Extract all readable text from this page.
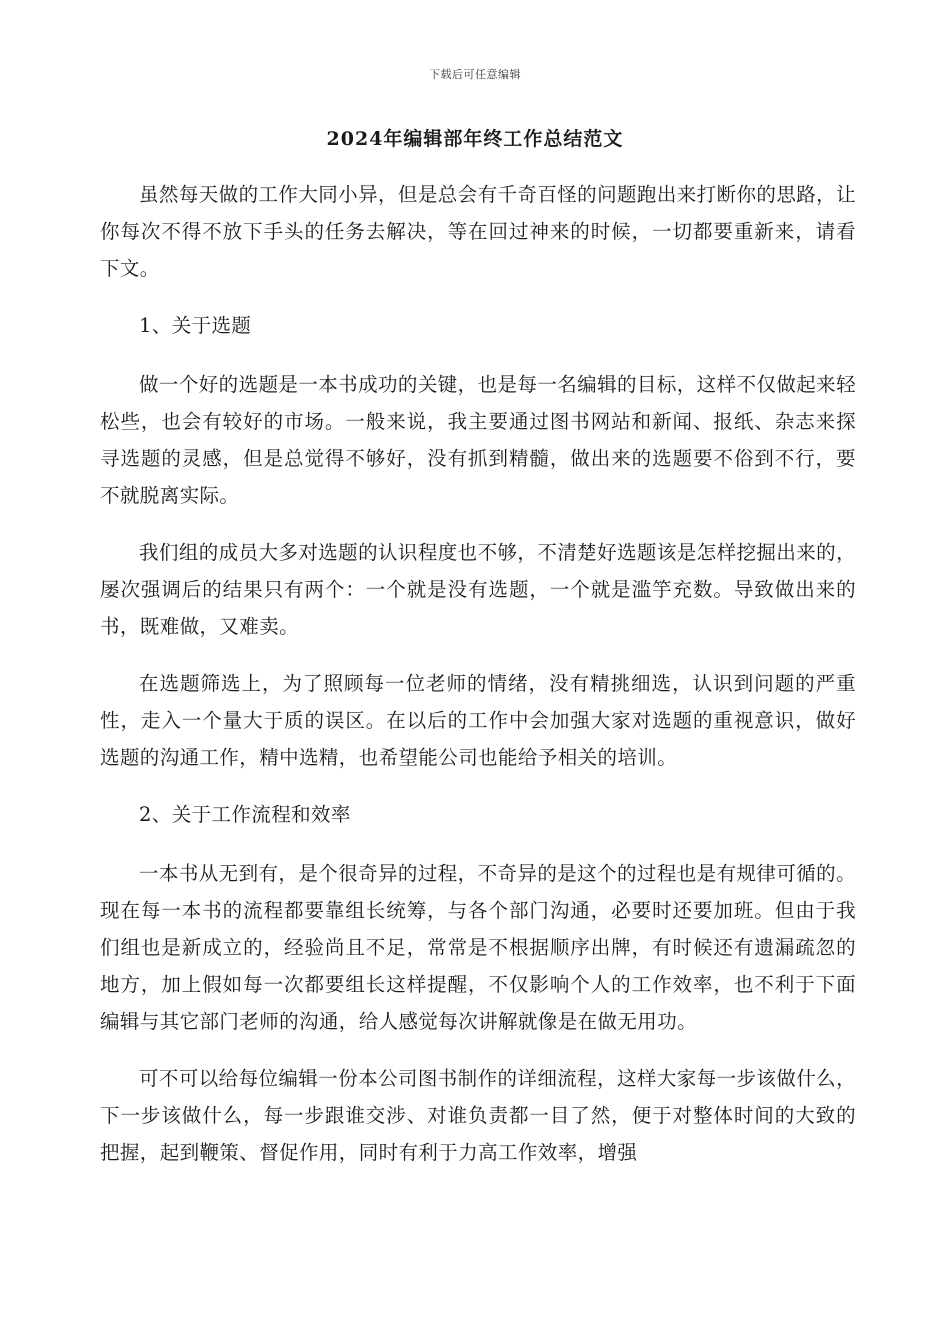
下载后可任意编辑
2024年编辑部年终工作总结范文

虽然每天做的工作大同小异，但是总会有千奇百怪的问题跑出来打断你的思路，让你每次不得不放下手头的任务去解决，等在回过神来的时候，一切都要重新来，请看下文。

1、关于选题

做一个好的选题是一本书成功的关键，也是每一名编辑的目标，这样不仅做起来轻松些，也会有较好的市场。一般来说，我主要通过图书网站和新闻、报纸、杂志来探寻选题的灵感，但是总觉得不够好，没有抓到精髓，做出来的选题要不俗到不行，要不就脱离实际。

我们组的成员大多对选题的认识程度也不够，不清楚好选题该是怎样挖掘出来的，屡次强调后的结果只有两个：一个就是没有选题，一个就是滥竽充数。导致做出来的书，既难做，又难卖。

在选题筛选上，为了照顾每一位老师的情绪，没有精挑细选，认识到问题的严重性，走入一个量大于质的误区。在以后的工作中会加强大家对选题的重视意识，做好选题的沟通工作，精中选精，也希望能公司也能给予相关的培训。

2、关于工作流程和效率

一本书从无到有，是个很奇异的过程，不奇异的是这个的过程也是有规律可循的。现在每一本书的流程都要靠组长统筹，与各个部门沟通，必要时还要加班。但由于我们组也是新成立的，经验尚且不足，常常是不根据顺序出牌，有时候还有遗漏疏忽的地方，加上假如每一次都要组长这样提醒，不仅影响个人的工作效率，也不利于下面编辑与其它部门老师的沟通，给人感觉每次讲解就像是在做无用功。

可不可以给每位编辑一份本公司图书制作的详细流程，这样大家每一步该做什么，下一步该做什么，每一步跟谁交涉、对谁负责都一目了然，便于对整体时间的大致的把握，起到鞭策、督促作用，同时有利于力高工作效率，增强
